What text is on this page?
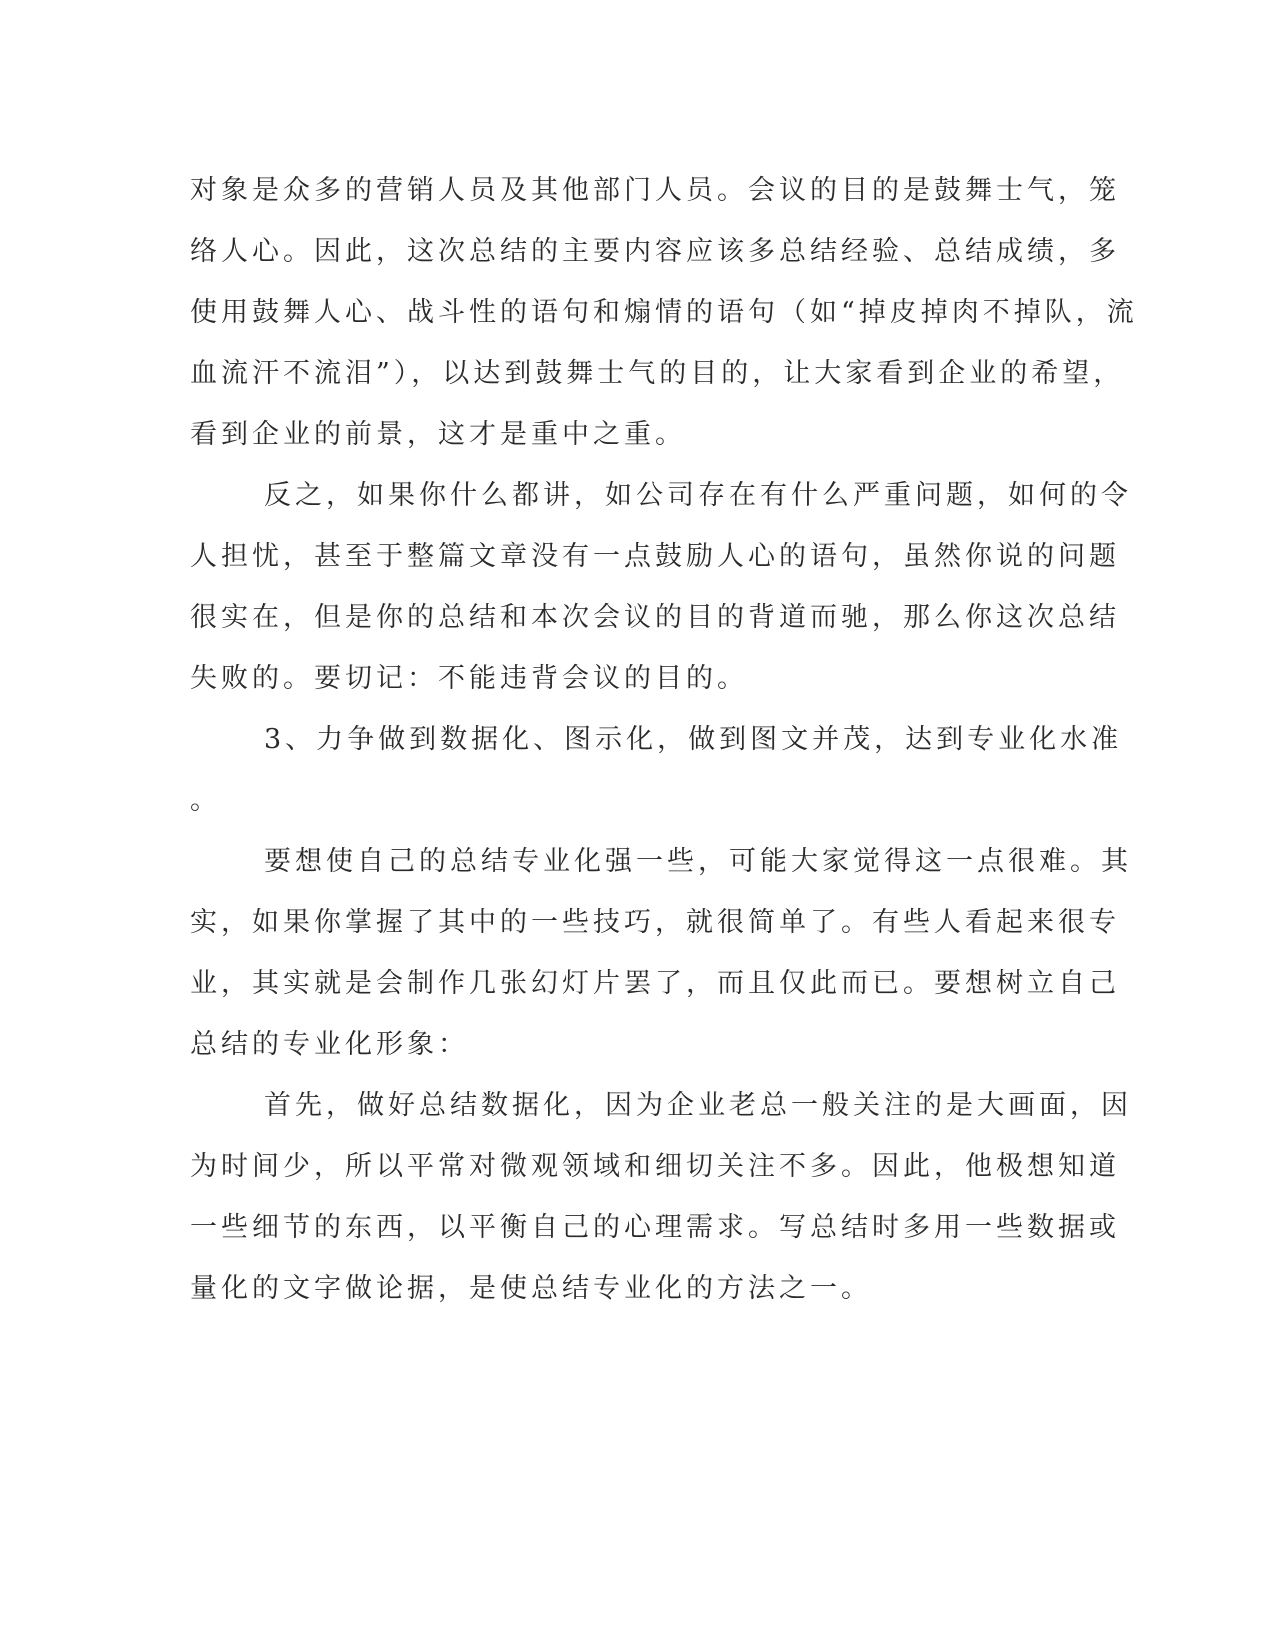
对象是众多的营销人员及其他部门人员。会议的目的是鼓舞士气，笼
络人心。因此，这次总结的主要内容应该多总结经验、总结成绩，多
使用鼓舞人心、战斗性的语句和煽情的语句（如“掉皮掉肉不掉队，流
血流汗不流泪”），以达到鼓舞士气的目的，让大家看到企业的希望，
看到企业的前景，这才是重中之重。
反之，如果你什么都讲，如公司存在有什么严重问题，如何的令
人担忧，甚至于整篇文章没有一点鼓励人心的语句，虽然你说的问题
很实在，但是你的总结和本次会议的目的背道而驰，那么你这次总结
失败的。要切记：不能违背会议的目的。
3、力争做到数据化、图示化，做到图文并茂，达到专业化水准
。
要想使自己的总结专业化强一些，可能大家觉得这一点很难。其
实，如果你掌握了其中的一些技巧，就很简单了。有些人看起来很专
业，其实就是会制作几张幻灯片罢了，而且仅此而已。要想树立自己
总结的专业化形象：
首先，做好总结数据化，因为企业老总一般关注的是大画面，因
为时间少，所以平常对微观领域和细切关注不多。因此，他极想知道
一些细节的东西，以平衡自己的心理需求。写总结时多用一些数据或
量化的文字做论据，是使总结专业化的方法之一。
